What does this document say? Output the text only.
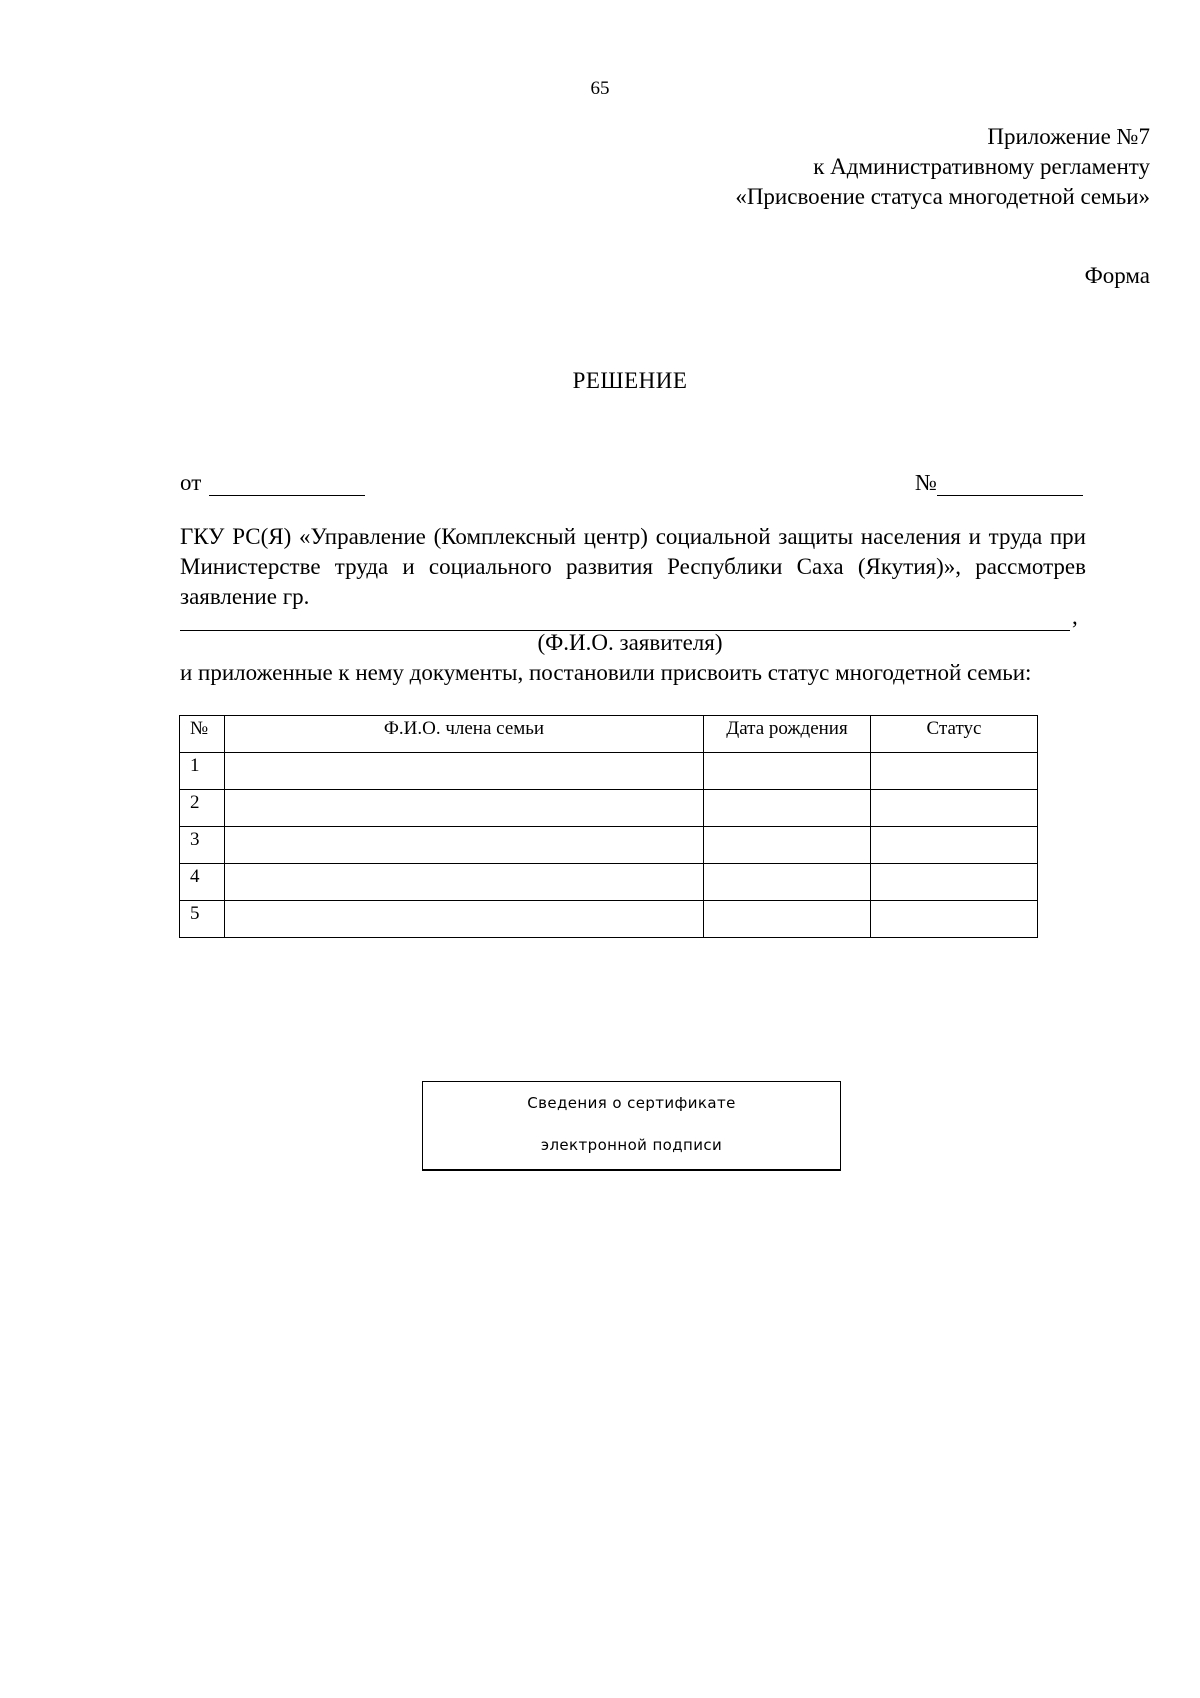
65
Приложение №7
к Административному регламенту
«Присвоение статуса многодетной семьи»
Форма
РЕШЕНИЕ
от	№
ГКУ РС(Я) «Управление (Комплексный центр) социальной защиты населения и труда при Министерстве труда и социального развития Республики Саха (Якутия)», рассмотрев заявление гр.
,
(Ф.И.О. заявителя)
и приложенные к нему документы, постановили присвоить статус многодетной семьи:
№	Ф.И.О. члена семьи	Дата рождения	Статус
1			
2			
3			
4			
5			
Сведения о сертификате
электронной подписи
